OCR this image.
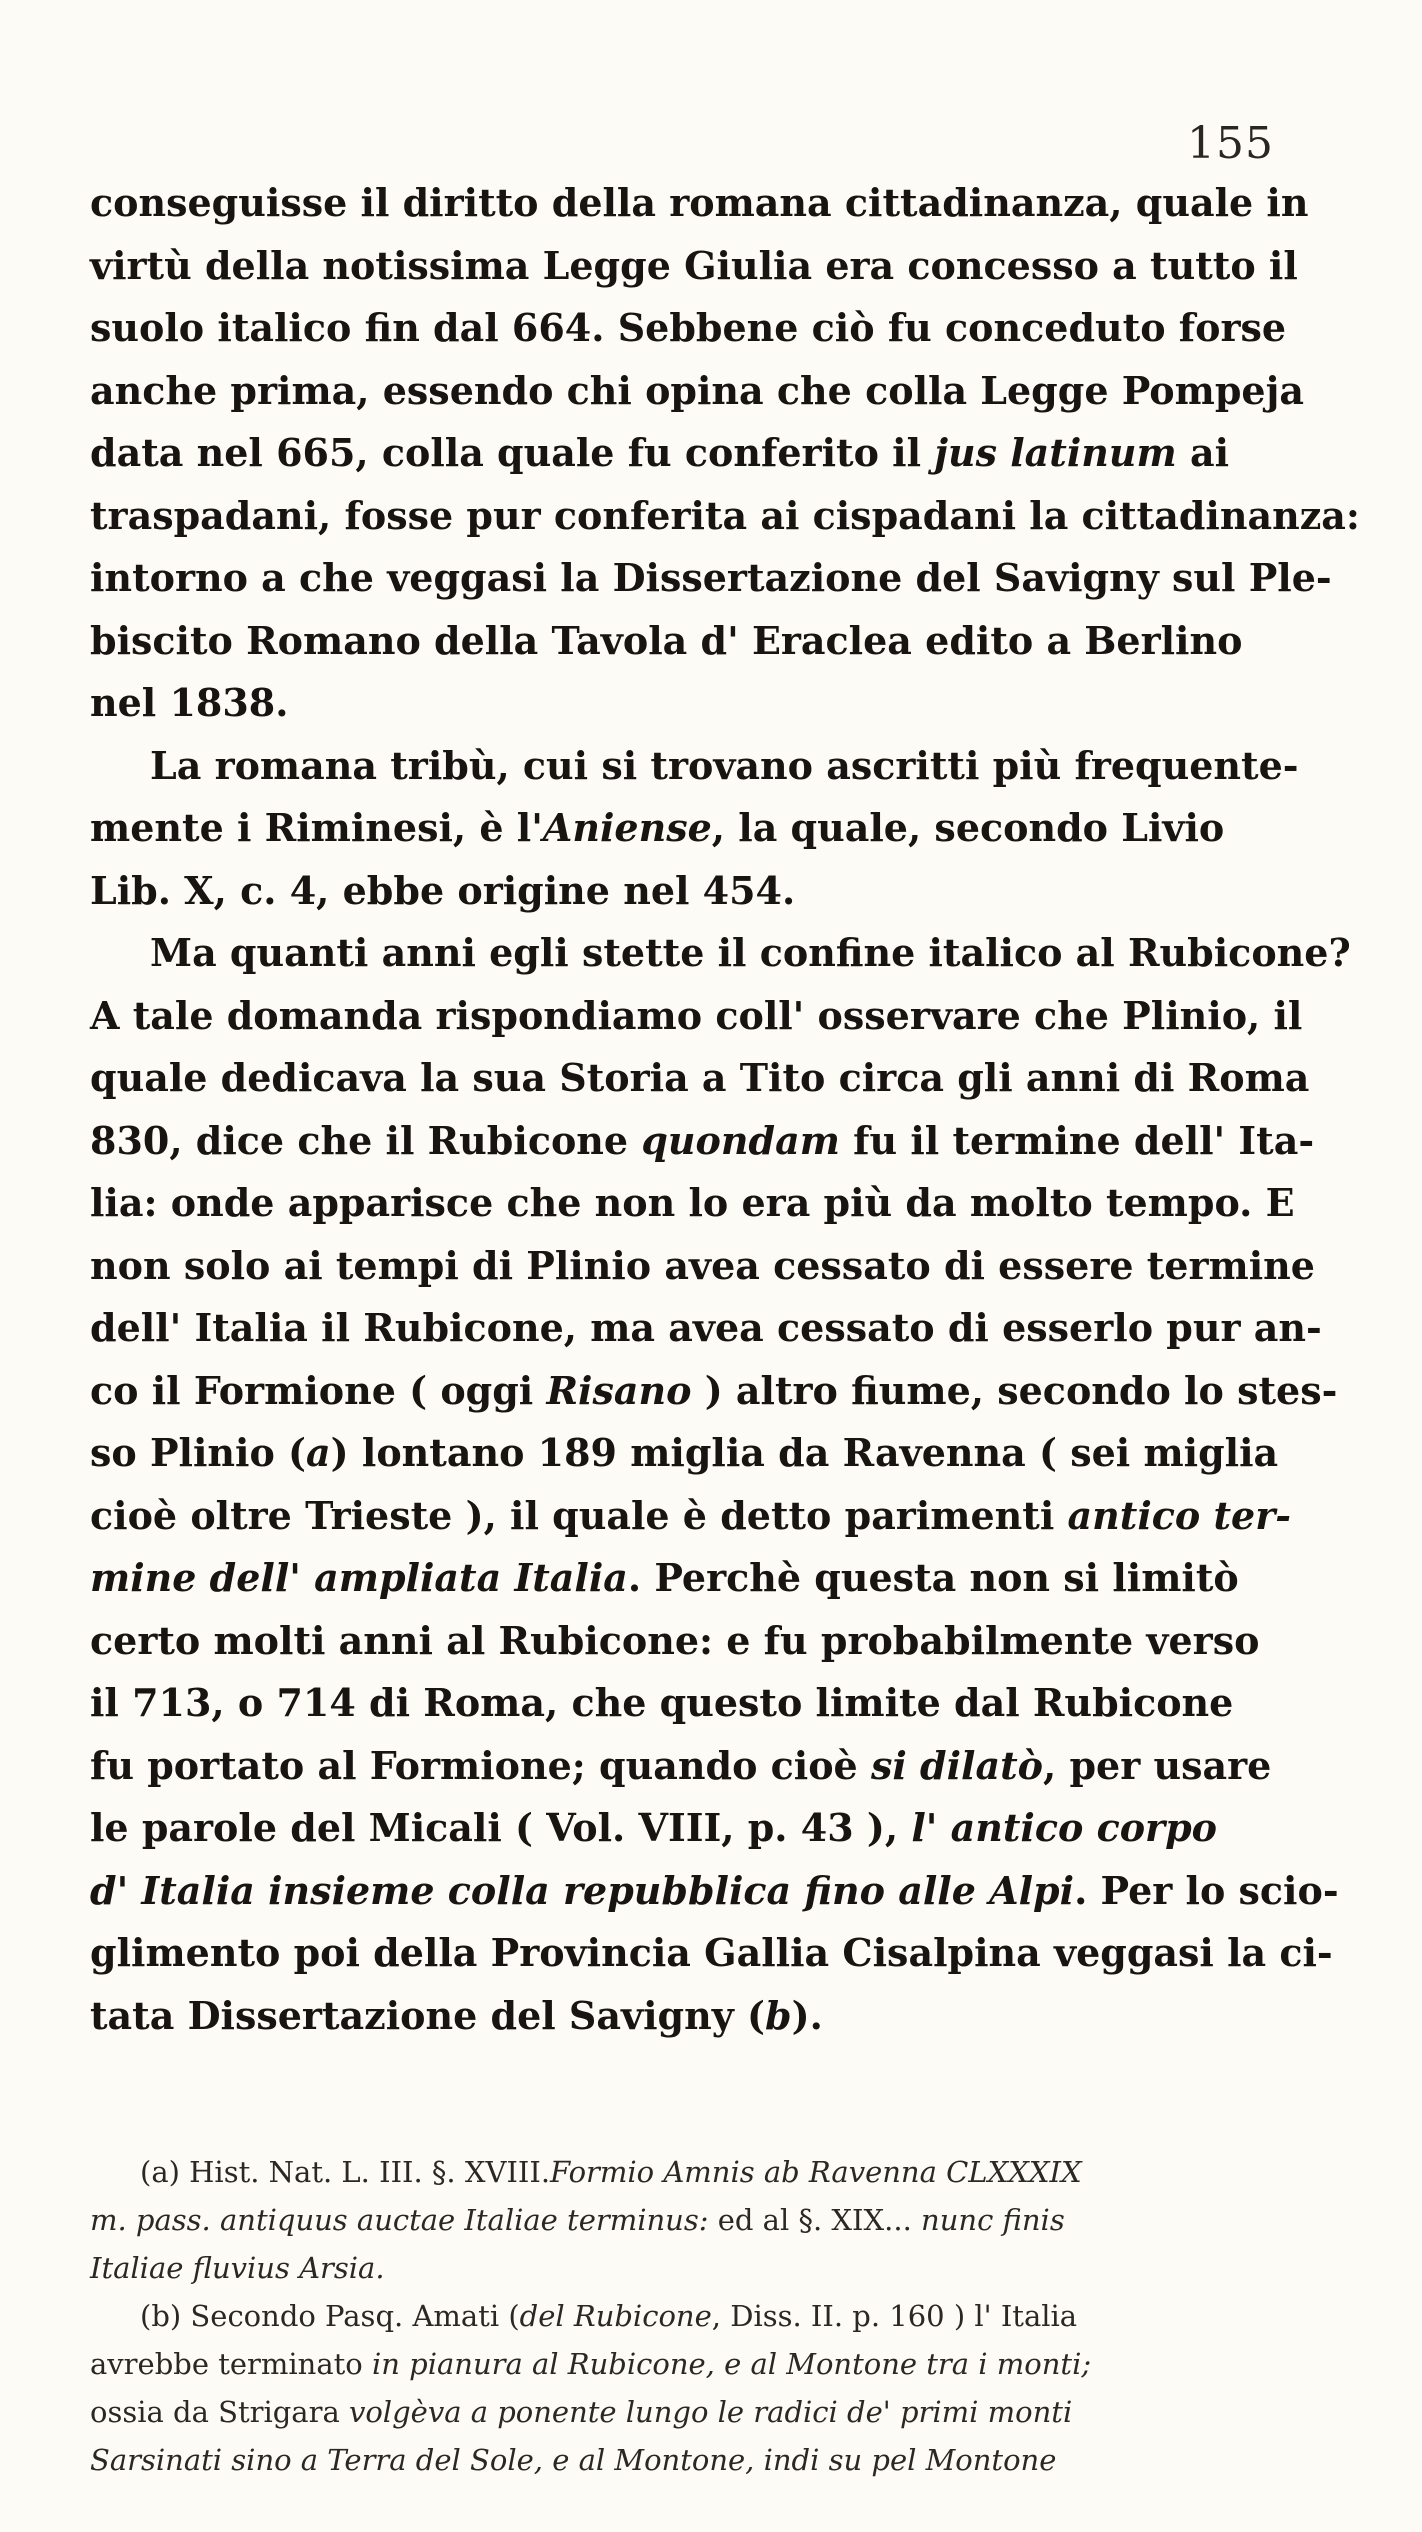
155
conseguisse il diritto della romana cittadinanza, quale in
virtù della notissima Legge Giulia era concesso a tutto il
suolo italico fin dal 664. Sebbene ciò fu conceduto forse
anche prima, essendo chi opina che colla Legge Pompeja
data nel 665, colla quale fu conferito il jus latinum ai
traspadani, fosse pur conferita ai cispadani la cittadinanza:
intorno a che veggasi la Dissertazione del Savigny sul Ple-
biscito Romano della Tavola d' Eraclea edito a Berlino
nel 1838.
La romana tribù, cui si trovano ascritti più frequente-
mente i Riminesi, è l'Aniense, la quale, secondo Livio
Lib. X, c. 4, ebbe origine nel 454.
Ma quanti anni egli stette il confine italico al Rubicone?
A tale domanda rispondiamo coll' osservare che Plinio, il
quale dedicava la sua Storia a Tito circa gli anni di Roma
830, dice che il Rubicone quondam fu il termine dell' Ita-
lia: onde apparisce che non lo era più da molto tempo. E
non solo ai tempi di Plinio avea cessato di essere termine
dell' Italia il Rubicone, ma avea cessato di esserlo pur an-
co il Formione ( oggi Risano ) altro fiume, secondo lo stes-
so Plinio (a) lontano 189 miglia da Ravenna ( sei miglia
cioè oltre Trieste ), il quale è detto parimenti antico ter-
mine dell' ampliata Italia. Perchè questa non si limitò
certo molti anni al Rubicone: e fu probabilmente verso
il 713, o 714 di Roma, che questo limite dal Rubicone
fu portato al Formione; quando cioè si dilatò, per usare
le parole del Micali ( Vol. VIII, p. 43 ), l' antico corpo
d' Italia insieme colla repubblica fino alle Alpi. Per lo scio-
glimento poi della Provincia Gallia Cisalpina veggasi la ci-
tata Dissertazione del Savigny (b).
(a) Hist. Nat. L. III. §. XVIII.Formio Amnis ab Ravenna CLXXXIX
m. pass. antiquus auctae Italiae terminus: ed al §. XIX... nunc finis
Italiae fluvius Arsia.
(b) Secondo Pasq. Amati (del Rubicone, Diss. II. p. 160 ) l' Italia
avrebbe terminato in pianura al Rubicone, e al Montone tra i monti;
ossia da Strigara volgèva a ponente lungo le radici de' primi monti
Sarsinati sino a Terra del Sole, e al Montone, indi su pel Montone
